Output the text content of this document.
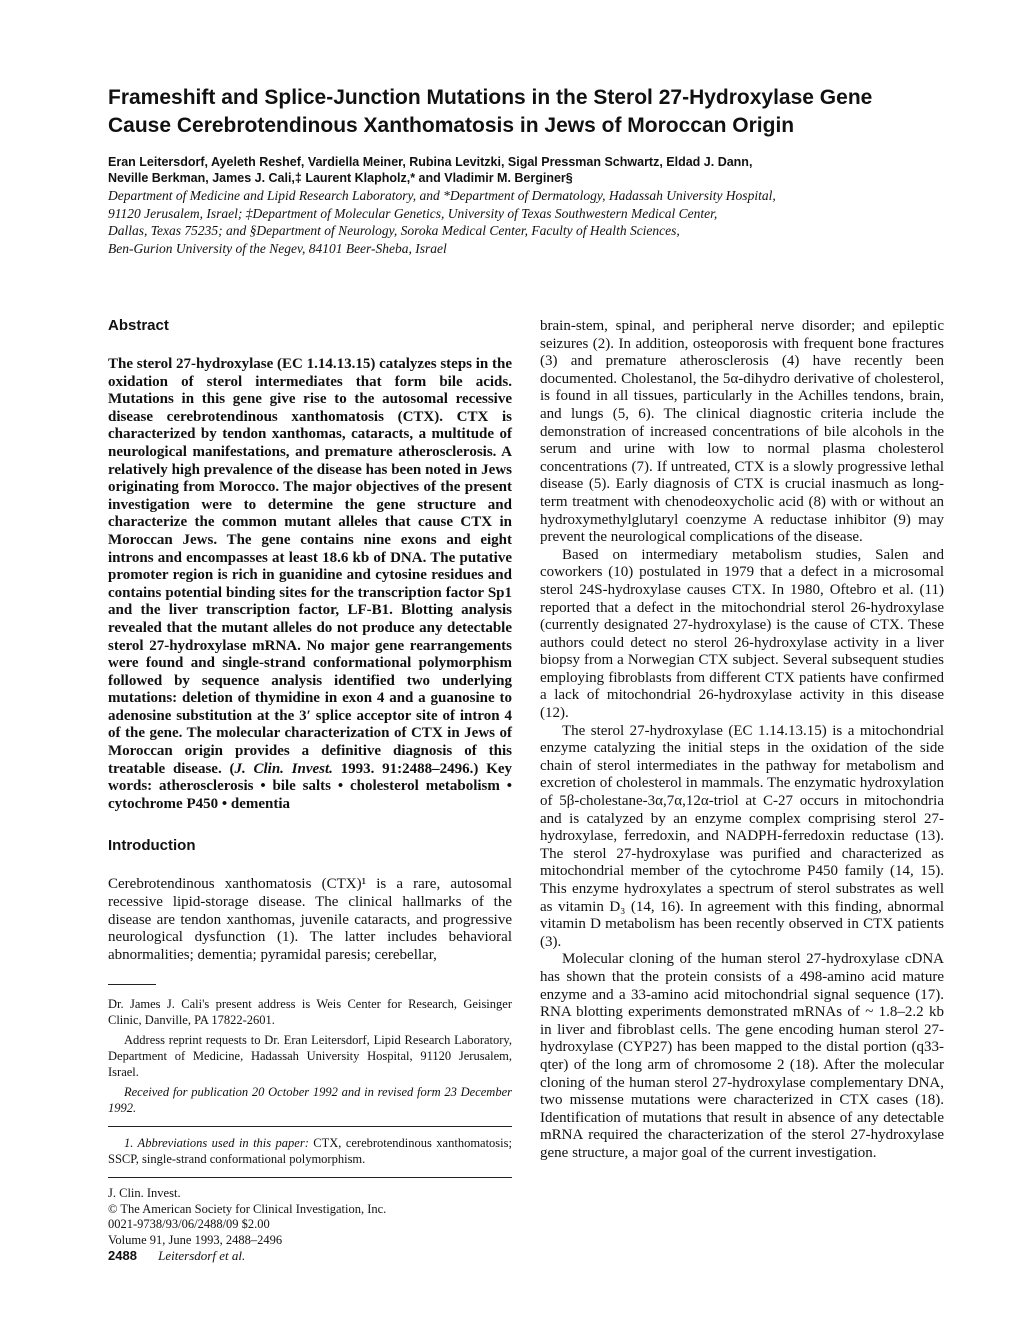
Frameshift and Splice-Junction Mutations in the Sterol 27-Hydroxylase Gene
Cause Cerebrotendinous Xanthomatosis in Jews of Moroccan Origin
Eran Leitersdorf, Ayeleth Reshef, Vardiella Meiner, Rubina Levitzki, Sigal Pressman Schwartz, Eldad J. Dann,
Neville Berkman, James J. Cali,‡ Laurent Klapholz,* and Vladimir M. Berginer§
Department of Medicine and Lipid Research Laboratory, and *Department of Dermatology, Hadassah University Hospital,
91120 Jerusalem, Israel; ‡Department of Molecular Genetics, University of Texas Southwestern Medical Center,
Dallas, Texas 75235; and §Department of Neurology, Soroka Medical Center, Faculty of Health Sciences,
Ben-Gurion University of the Negev, 84101 Beer-Sheba, Israel
Abstract

The sterol 27-hydroxylase (EC 1.14.13.15) catalyzes steps in the oxidation of sterol intermediates that form bile acids. Mutations in this gene give rise to the autosomal recessive disease cerebrotendinous xanthomatosis (CTX). CTX is characterized by tendon xanthomas, cataracts, a multitude of neurological manifestations, and premature atherosclerosis. A relatively high prevalence of the disease has been noted in Jews originating from Morocco. The major objectives of the present investigation were to determine the gene structure and characterize the common mutant alleles that cause CTX in Moroccan Jews. The gene contains nine exons and eight introns and encompasses at least 18.6 kb of DNA. The putative promoter region is rich in guanidine and cytosine residues and contains potential binding sites for the transcription factor Sp1 and the liver transcription factor, LF-B1. Blotting analysis revealed that the mutant alleles do not produce any detectable sterol 27-hydroxylase mRNA. No major gene rearrangements were found and single-strand conformational polymorphism followed by sequence analysis identified two underlying mutations: deletion of thymidine in exon 4 and a guanosine to adenosine substitution at the 3′ splice acceptor site of intron 4 of the gene. The molecular characterization of CTX in Jews of Moroccan origin provides a definitive diagnosis of this treatable disease. (J. Clin. Invest. 1993. 91:2488–2496.) Key words: atherosclerosis • bile salts • cholesterol metabolism • cytochrome P450 • dementia

Introduction

Cerebrotendinous xanthomatosis (CTX)¹ is a rare, autosomal recessive lipid-storage disease. The clinical hallmarks of the disease are tendon xanthomas, juvenile cataracts, and progressive neurological dysfunction (1). The latter includes behavioral abnormalities; dementia; pyramidal paresis; cerebellar,

Dr. James J. Cali's present address is Weis Center for Research, Geisinger Clinic, Danville, PA 17822-2601.

Address reprint requests to Dr. Eran Leitersdorf, Lipid Research Laboratory, Department of Medicine, Hadassah University Hospital, 91120 Jerusalem, Israel.

Received for publication 20 October 1992 and in revised form 23 December 1992.

1. Abbreviations used in this paper: CTX, cerebrotendinous xanthomatosis; SSCP, single-strand conformational polymorphism.

J. Clin. Invest.
© The American Society for Clinical Investigation, Inc.
0021-9738/93/06/2488/09 $2.00
Volume 91, June 1993, 2488–2496

brain-stem, spinal, and peripheral nerve disorder; and epileptic seizures (2). In addition, osteoporosis with frequent bone fractures (3) and premature atherosclerosis (4) have recently been documented. Cholestanol, the 5α-dihydro derivative of cholesterol, is found in all tissues, particularly in the Achilles tendons, brain, and lungs (5, 6). The clinical diagnostic criteria include the demonstration of increased concentrations of bile alcohols in the serum and urine with low to normal plasma cholesterol concentrations (7). If untreated, CTX is a slowly progressive lethal disease (5). Early diagnosis of CTX is crucial inasmuch as long-term treatment with chenodeoxycholic acid (8) with or without an hydroxymethylglutaryl coenzyme A reductase inhibitor (9) may prevent the neurological complications of the disease.

Based on intermediary metabolism studies, Salen and coworkers (10) postulated in 1979 that a defect in a microsomal sterol 24S-hydroxylase causes CTX. In 1980, Oftebro et al. (11) reported that a defect in the mitochondrial sterol 26-hydroxylase (currently designated 27-hydroxylase) is the cause of CTX. These authors could detect no sterol 26-hydroxylase activity in a liver biopsy from a Norwegian CTX subject. Several subsequent studies employing fibroblasts from different CTX patients have confirmed a lack of mitochondrial 26-hydroxylase activity in this disease (12).

The sterol 27-hydroxylase (EC 1.14.13.15) is a mitochondrial enzyme catalyzing the initial steps in the oxidation of the side chain of sterol intermediates in the pathway for metabolism and excretion of cholesterol in mammals. The enzymatic hydroxylation of 5β-cholestane-3α,7α,12α-triol at C-27 occurs in mitochondria and is catalyzed by an enzyme complex comprising sterol 27-hydroxylase, ferredoxin, and NADPH-ferredoxin reductase (13). The sterol 27-hydroxylase was purified and characterized as mitochondrial member of the cytochrome P450 family (14, 15). This enzyme hydroxylates a spectrum of sterol substrates as well as vitamin D₃ (14, 16). In agreement with this finding, abnormal vitamin D metabolism has been recently observed in CTX patients (3).

Molecular cloning of the human sterol 27-hydroxylase cDNA has shown that the protein consists of a 498-amino acid mature enzyme and a 33-amino acid mitochondrial signal sequence (17). RNA blotting experiments demonstrated mRNAs of ~ 1.8–2.2 kb in liver and fibroblast cells. The gene encoding human sterol 27-hydroxylase (CYP27) has been mapped to the distal portion (q33-qter) of the long arm of chromosome 2 (18). After the molecular cloning of the human sterol 27-hydroxylase complementary DNA, two missense mutations were characterized in CTX cases (18). Identification of mutations that result in absence of any detectable mRNA required the characterization of the sterol 27-hydroxylase gene structure, a major goal of the current investigation.

2488 Leitersdorf et al.
